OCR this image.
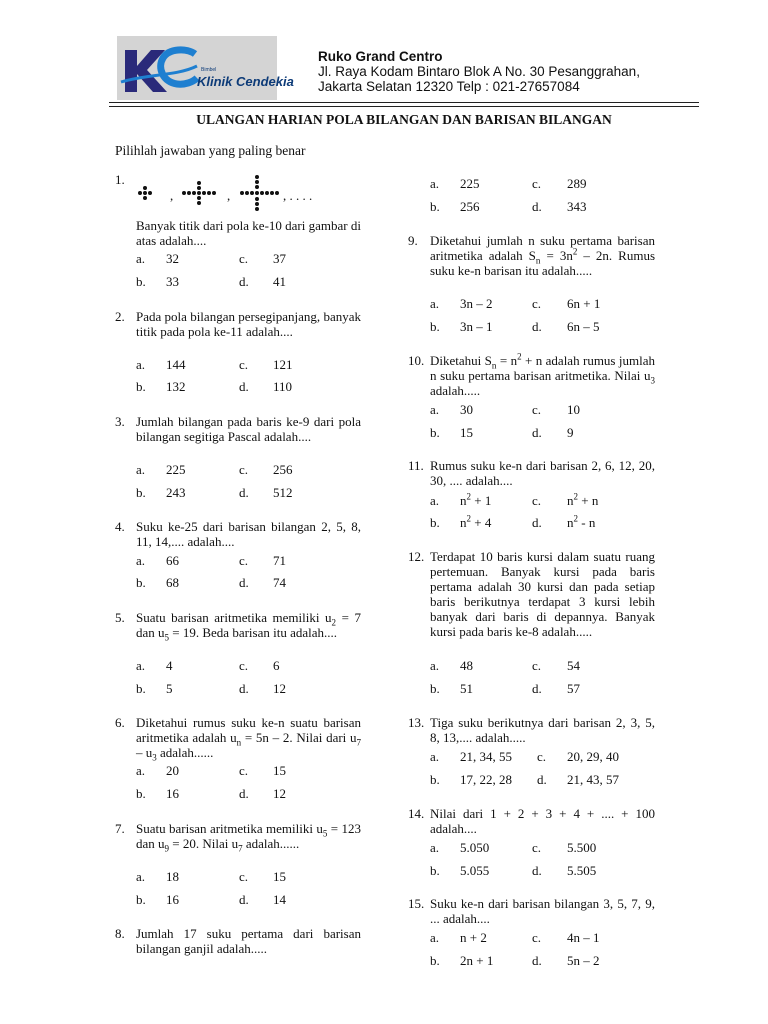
Bimbel
Klinik Cendekia
Ruko Grand Centro
Jl. Raya Kodam Bintaro Blok A No. 30 Pesanggrahan,
Jakarta Selatan 12320 Telp : 021-27657084
ULANGAN HARIAN POLA BILANGAN DAN BARISAN BILANGAN
Pilihlah jawaban yang paling benar
1.
,	,	, . . . .
Banyak titik dari pola ke-10 dari gambar di atas adalah....
a. 32	c. 37
b. 33	d. 41
2. Pada pola bilangan persegipanjang, banyak titik pada pola ke-11 adalah....
a. 144	c. 121
b. 132	d. 110
3. Jumlah bilangan pada baris ke-9 dari pola bilangan segitiga Pascal adalah....
a. 225	c. 256
b. 243	d. 512
4. Suku ke-25 dari barisan bilangan 2, 5, 8, 11, 14,.... adalah....
a. 66	c. 71
b. 68	d. 74
5. Suatu barisan aritmetika memiliki $u_2 = 7$ dan $u_5 = 19$. Beda barisan itu adalah....
a. 4	c. 6
b. 5	d. 12
6. Diketahui rumus suku ke-n suatu barisan aritmetika adalah $u_n = 5n - 2$. Nilai dari $u_7 - u_3$ adalah......
a. 20	c. 15
b. 16	d. 12
7. Suatu barisan aritmetika memiliki $u_5 = 123$ dan $u_9 = 20$. Nilai $u_7$ adalah......
a. 18	c. 15
b. 16	d. 14
8. Jumlah 17 suku pertama dari barisan bilangan ganjil adalah.....
a. 225	c. 289
b. 256	d. 343
9. Diketahui jumlah n suku pertama barisan aritmetika adalah $S_n = 3n^2 - 2n$. Rumus suku ke-n barisan itu adalah.....
a. 3n – 2	c. 6n + 1
b. 3n – 1	d. 6n – 5
10. Diketahui $S_n = n^2 + n$ adalah rumus jumlah n suku pertama barisan aritmetika. Nilai $u_3$ adalah.....
a. 30	c. 10
b. 15	d. 9
11. Rumus suku ke-n dari barisan 2, 6, 12, 20, 30, .... adalah....
a. $n^2 + 1$	c. $n^2 + n$
b. $n^2 + 4$	d. $n^2$ - n
12. Terdapat 10 baris kursi dalam suatu ruang pertemuan. Banyak kursi pada baris pertama adalah 30 kursi dan pada setiap baris berikutnya terdapat 3 kursi lebih banyak dari baris di depannya. Banyak kursi pada baris ke-8 adalah.....
a. 48	c. 54
b. 51	d. 57
13. Tiga suku berikutnya dari barisan 2, 3, 5, 8, 13,.... adalah.....
a. 21, 34, 55 c. 20, 29, 40
b. 17, 22, 28 d. 21, 43, 57
14. Nilai dari 1 + 2 + 3 + 4 + .... + 100 adalah....
a. 5.050	c. 5.500
b. 5.055	d. 5.505
15. Suku ke-n dari barisan bilangan 3, 5, 7, 9, ... adalah....
a. n + 2	c. 4n – 1
b. 2n + 1	d. 5n – 2
